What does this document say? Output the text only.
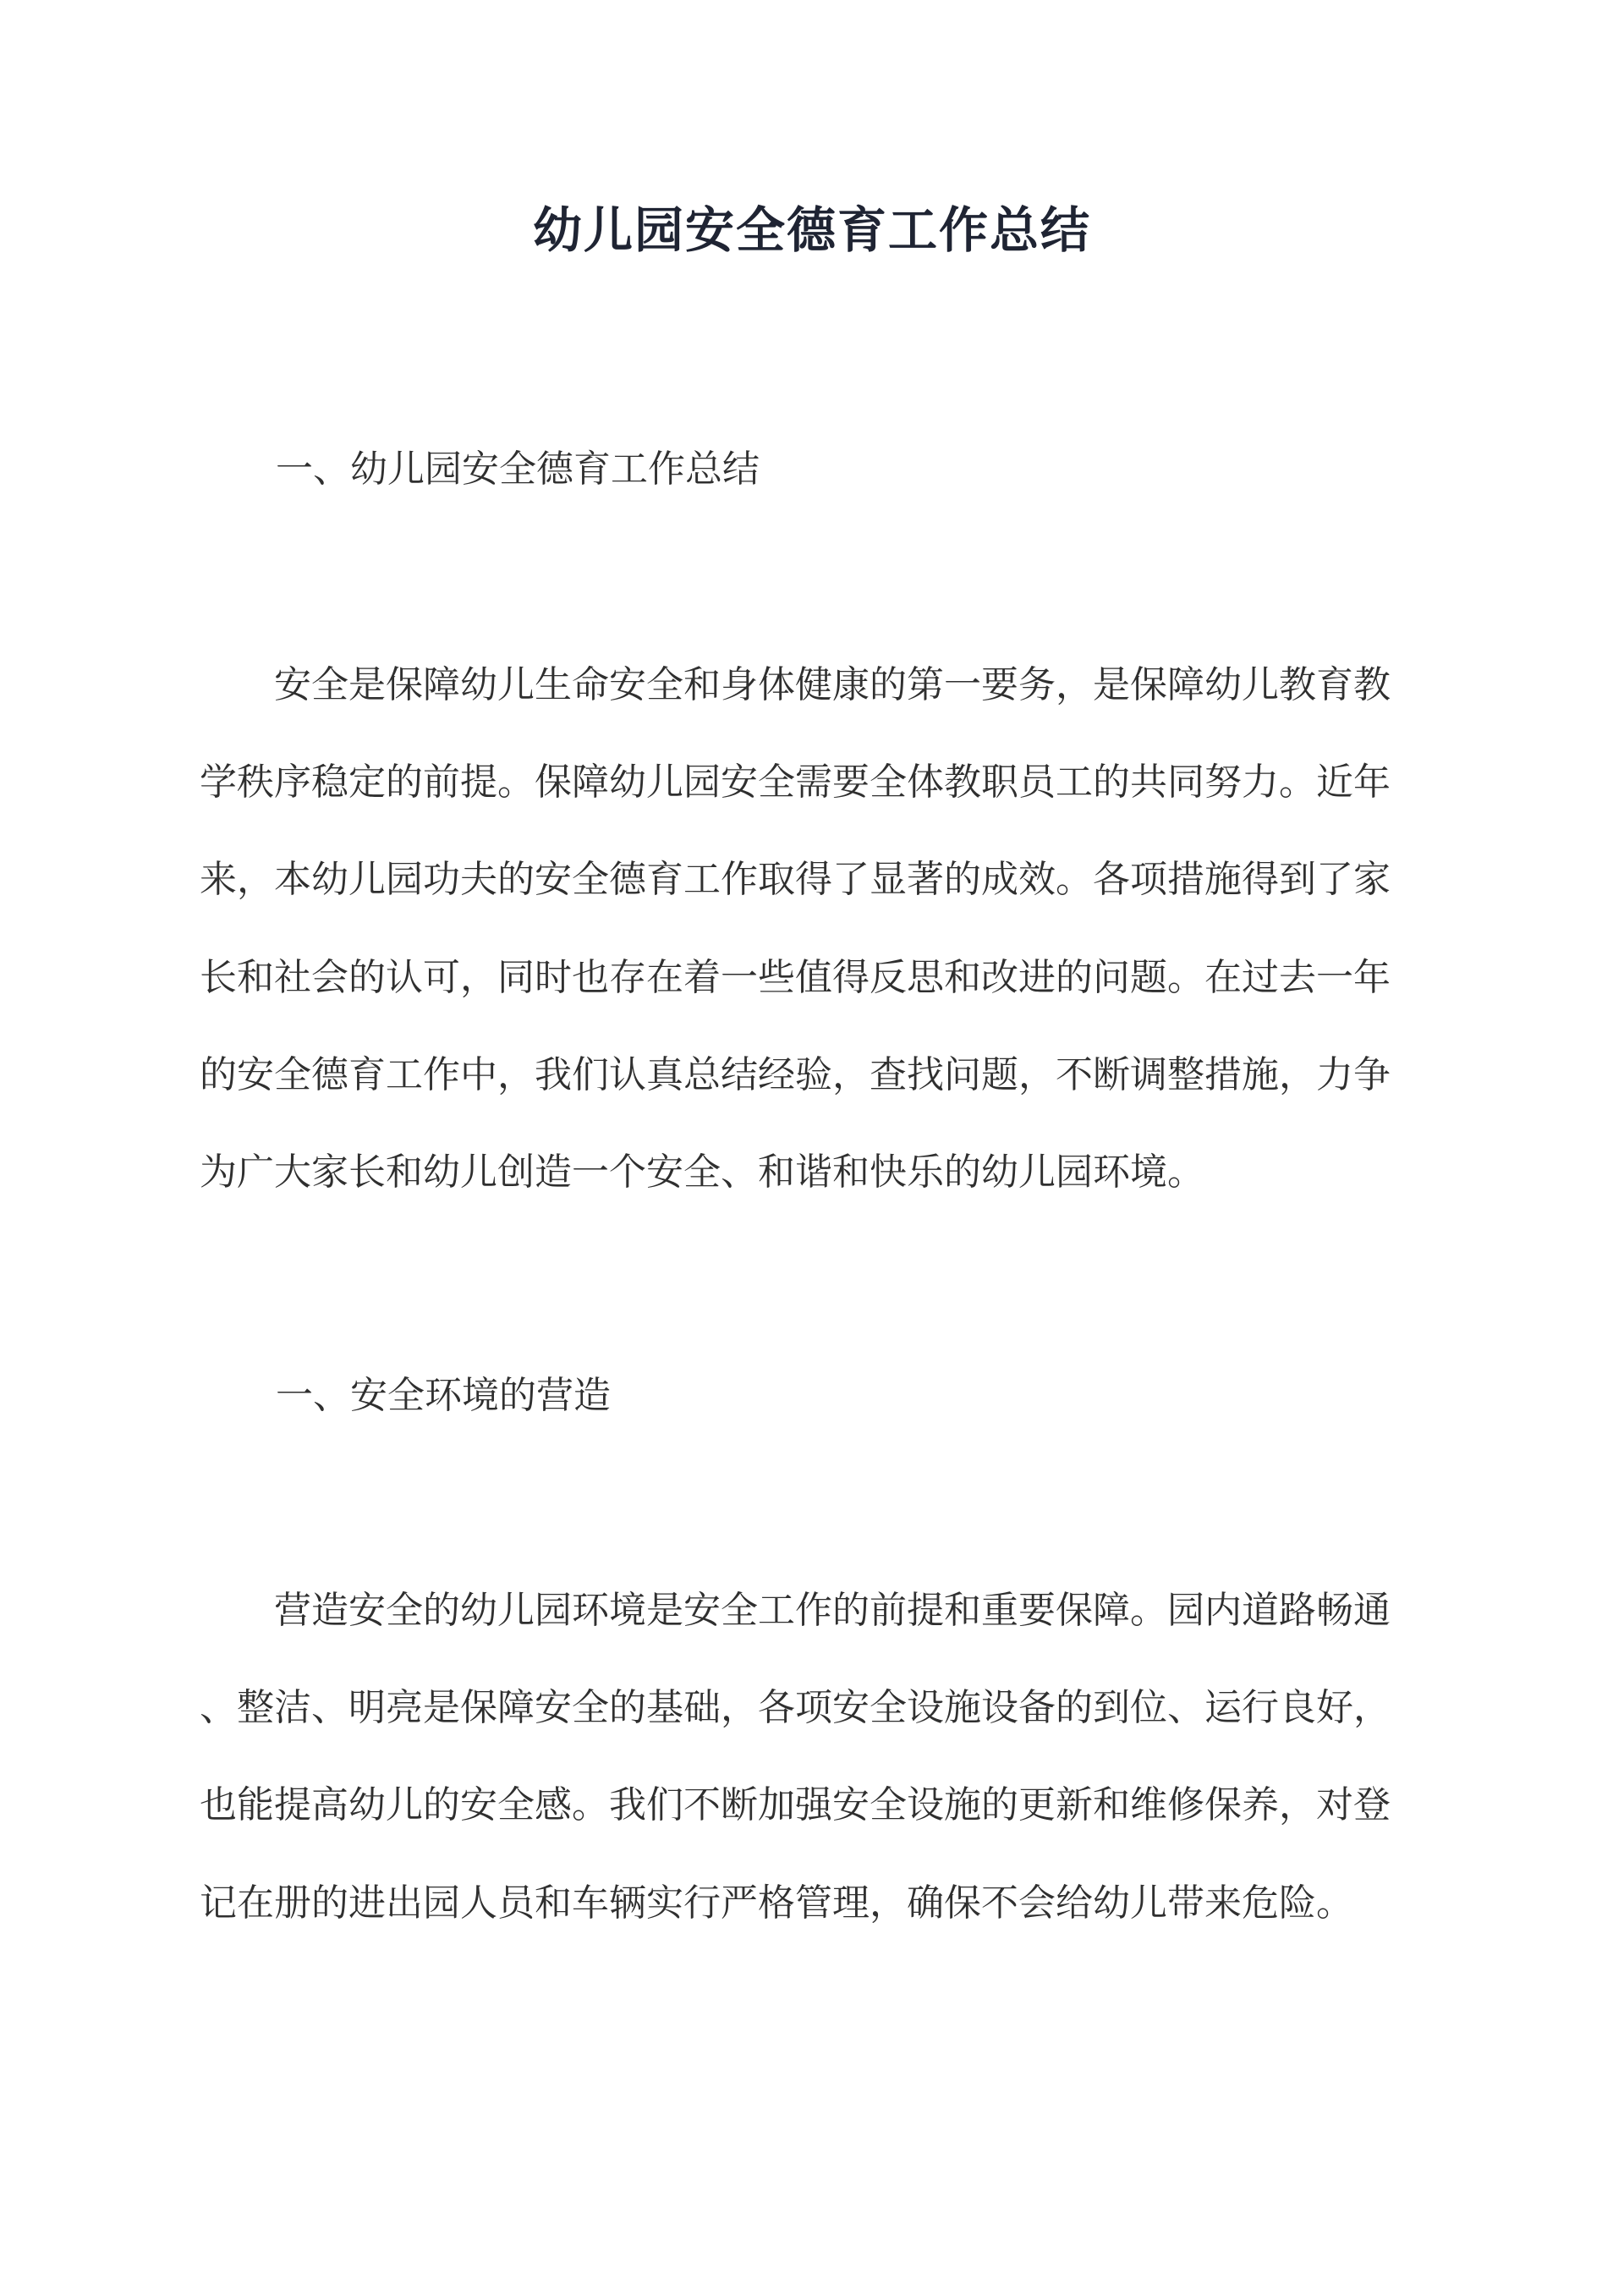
幼儿园安全德育工作总结
一、幼儿园安全德育工作总结
安全是保障幼儿生命安全和身体健康的第一要务，是保障幼儿教育教
学秩序稳定的前提。保障幼儿园安全需要全体教职员工的共同努力。近年
来，本幼儿园功夫的安全德育工作取得了显著的成效。各项措施得到了家
长和社会的认可，同时也存在着一些值得反思和改进的问题。在过去一年
的安全德育工作中，我们认真总结经验，查找问题，不断调整措施，力争
为广大家长和幼儿创造一个安全、和谐和快乐的幼儿园环境。
一、安全环境的营造
营造安全的幼儿园环境是安全工作的前提和重要保障。园内道路畅通
、整洁、明亮是保障安全的基础，各项安全设施设备的到位、运行良好，
也能提高幼儿的安全感。我们不断加强安全设施的更新和维修保养，对登
记在册的进出园人员和车辆实行严格管理，确保不会给幼儿带来危险。
